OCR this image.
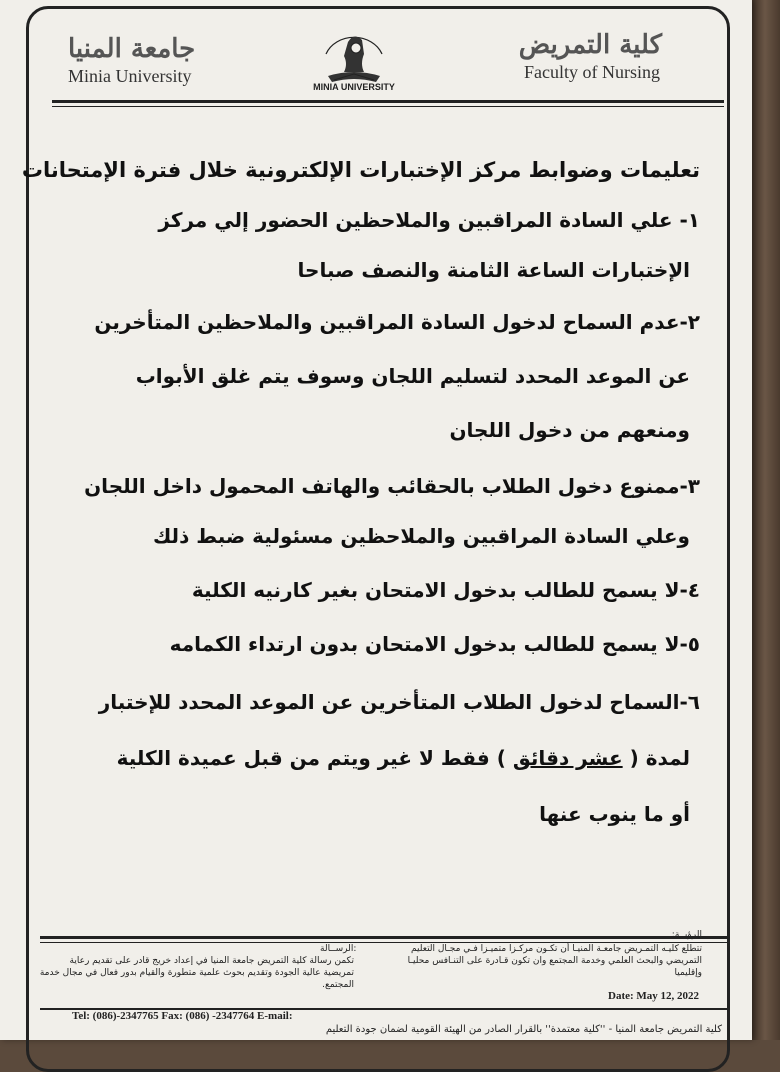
جامعة المنيا
Minia University
MINIA UNIVERSITY
كلية التمريض
Faculty of Nursing
تعليمات وضوابط مركز الإختبارات الإلكترونية خلال فترة الإمتحانات
١- علي السادة المراقبين والملاحظين الحضور إلي مركز
الإختبارات الساعة الثامنة والنصف صباحا
٢-عدم السماح لدخول السادة المراقبين والملاحظين المتأخرين
عن الموعد المحدد لتسليم اللجان وسوف يتم غلق الأبواب
ومنعهم من دخول اللجان
٣-ممنوع دخول الطلاب بالحقائب والهاتف المحمول داخل اللجان
وعلي السادة المراقبين والملاحظين مسئولية ضبط ذلك
٤-لا يسمح للطالب بدخول الامتحان بغير كارنيه الكلية
٥-لا يسمح للطالب بدخول الامتحان بدون ارتداء الكمامه
٦-السماح لدخول الطلاب المتأخرين عن الموعد المحدد للإختبار
لمدة ( عشر دقائق ) فقط لا غير ويتم من قبل عميدة الكلية
أو ما ينوب عنها
الرؤيــة:
تتطلع كليـه التمـريض جامعـة المنيـا أن تكـون مركـزا متميـزا فـي مجـال التعليم
التمريضي والبحث العلمي وخدمة المجتمع وان تكون قـادرة على التنـافس محليـا
وإقليميا
الرســالة:
تكمن رسالة كلية التمريض جامعة المنيا في إعداد خريج قادر على تقديم رعاية
تمريضية عالية الجودة وتقديم بحوث علمية متطورة والقيام بدور فعال في مجال خدمة
المجتمع.
Date: May 12, 2022
Tel: (086)-2347765 Fax: (086) -2347764 E-mail:
كلية التمريض جامعة المنيا - ''كلية معتمدة'' بالقرار الصادر من الهيئة القومية لضمان جودة التعليم
